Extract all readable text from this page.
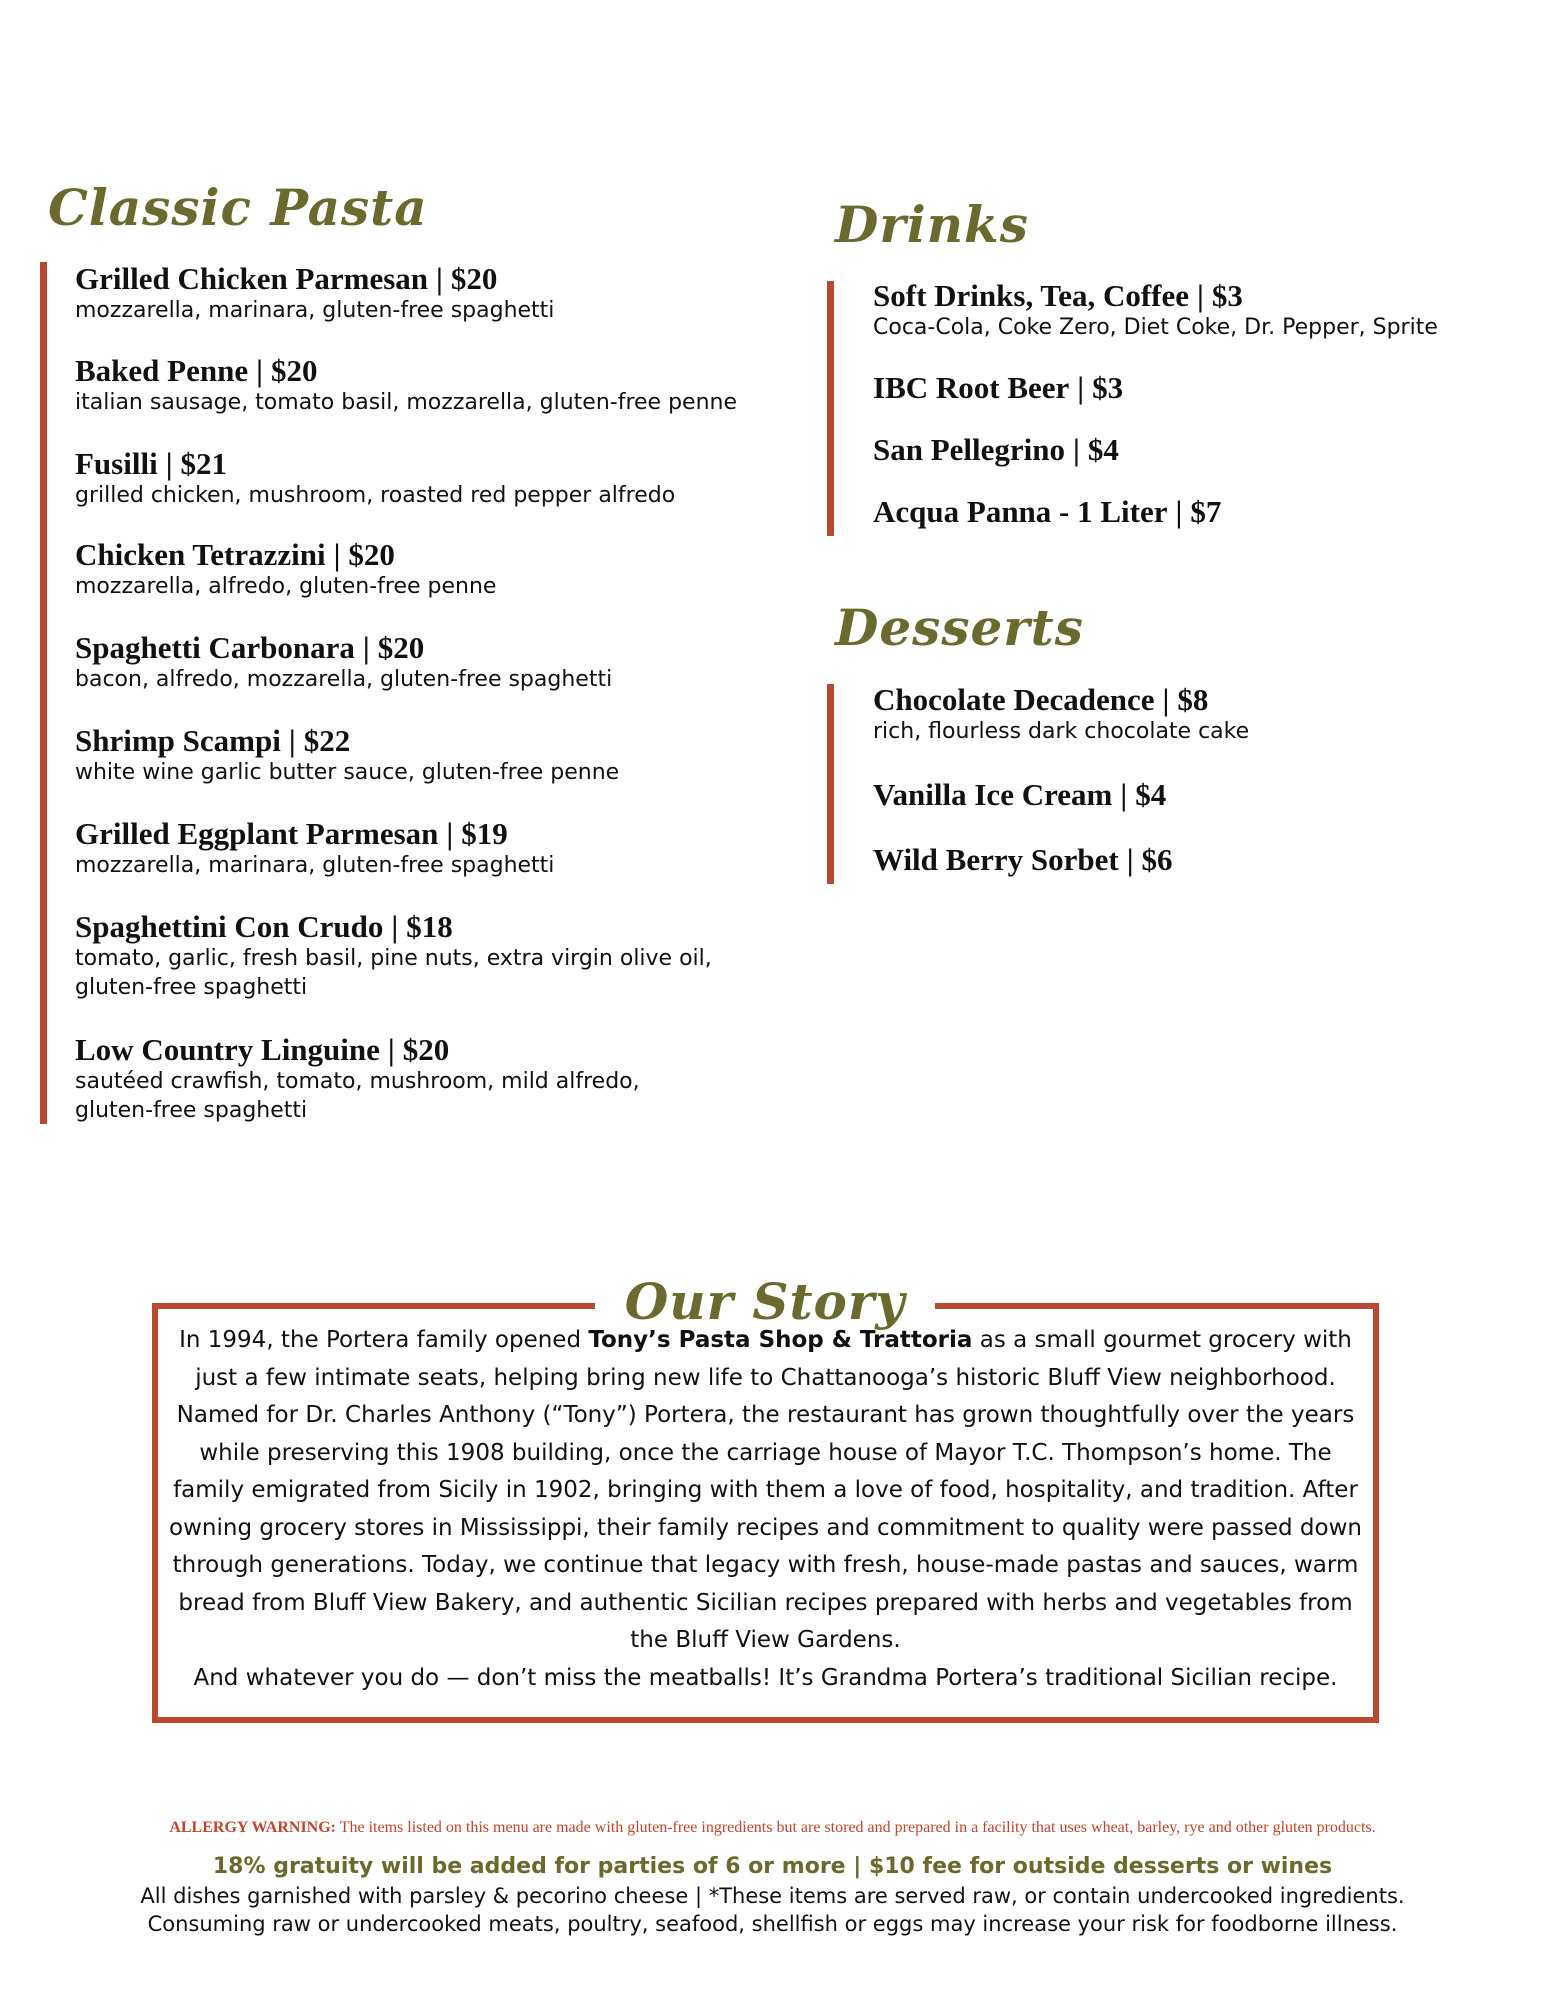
Classic Pasta
Grilled Chicken Parmesan | $20
mozzarella, marinara, gluten-free spaghetti
Baked Penne | $20
italian sausage, tomato basil, mozzarella, gluten-free penne
Fusilli | $21
grilled chicken, mushroom, roasted red pepper alfredo
Chicken Tetrazzini | $20
mozzarella, alfredo, gluten-free penne
Spaghetti Carbonara | $20
bacon, alfredo, mozzarella, gluten-free spaghetti
Shrimp Scampi | $22
white wine garlic butter sauce, gluten-free penne
Grilled Eggplant Parmesan | $19
mozzarella, marinara, gluten-free spaghetti
Spaghettini Con Crudo | $18
tomato, garlic, fresh basil, pine nuts, extra virgin olive oil,
gluten-free spaghetti
Low Country Linguine | $20
sautéed crawfish, tomato, mushroom, mild alfredo,
gluten-free spaghetti
Drinks
Soft Drinks, Tea, Coffee | $3
Coca-Cola, Coke Zero, Diet Coke, Dr. Pepper, Sprite
IBC Root Beer | $3
San Pellegrino | $4
Acqua Panna - 1 Liter | $7
Desserts
Chocolate Decadence | $8
rich, flourless dark chocolate cake
Vanilla Ice Cream | $4
Wild Berry Sorbet | $6
Our Story

In 1994, the Portera family opened Tony’s Pasta Shop & Trattoria as a small gourmet grocery with just a few intimate seats, helping bring new life to Chattanooga’s historic Bluff View neighborhood. Named for Dr. Charles Anthony (“Tony”) Portera, the restaurant has grown thoughtfully over the years while preserving this 1908 building, once the carriage house of Mayor T.C. Thompson’s home. The family emigrated from Sicily in 1902, bringing with them a love of food, hospitality, and tradition. After owning grocery stores in Mississippi, their family recipes and commitment to quality were passed down through generations. Today, we continue that legacy with fresh, house-made pastas and sauces, warm bread from Bluff View Bakery, and authentic Sicilian recipes prepared with herbs and vegetables from the Bluff View Gardens.
And whatever you do — don’t miss the meatballs! It’s Grandma Portera’s traditional Sicilian recipe.

ALLERGY WARNING: The items listed on this menu are made with gluten-free ingredients but are stored and prepared in a facility that uses wheat, barley, rye and other gluten products.

18% gratuity will be added for parties of 6 or more | $10 fee for outside desserts or wines

All dishes garnished with parsley & pecorino cheese | *These items are served raw, or contain undercooked ingredients.

Consuming raw or undercooked meats, poultry, seafood, shellfish or eggs may increase your risk for foodborne illness.
